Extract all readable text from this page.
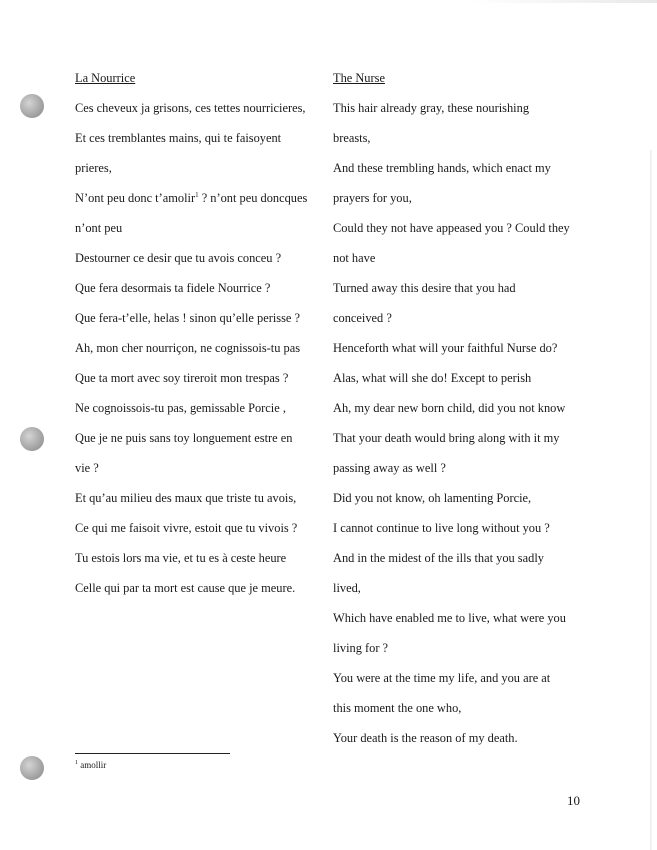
La Nourrice
Ces cheveux ja grisons, ces tettes nourricieres,
Et ces tremblantes mains, qui te faisoyent
prieres,
N’ont peu donc t’amolir$^1$ ? n’ont peu doncques
n’ont peu
Destourner ce desir que tu avois conceu ?
Que fera desormais ta fidele Nourrice ?
Que fera-t’elle, helas ! sinon qu’elle perisse ?
Ah, mon cher nourriçon, ne cognissois-tu pas
Que ta mort avec soy tireroit mon trespas ?
Ne cognoissois-tu pas, gemissable Porcie ,
Que je ne puis sans toy longuement estre en
vie ?
Et qu’au milieu des maux que triste tu avois,
Ce qui me faisoit vivre, estoit que tu vivois ?
Tu estois lors ma vie, et tu es à ceste heure
Celle qui par ta mort est cause que je meure.
The Nurse
This hair already gray, these nourishing
breasts,
And these trembling hands, which enact my
prayers for you,
Could they not have appeased you ? Could they
not have
Turned away this desire that you had
conceived ?
Henceforth what will your faithful Nurse do?
Alas, what will she do! Except to perish
Ah, my dear new born child, did you not know
That your death would bring along with it my
passing away as well ?
Did you not know, oh lamenting Porcie,
I cannot continue to live long without you ?
And in the midest of the ills that you sadly
lived,
Which have enabled me to live, what were you
living for ?
You were at the time my life, and you are at
this moment the one who,
Your death is the reason of my death.
$^1$ amollir
10
